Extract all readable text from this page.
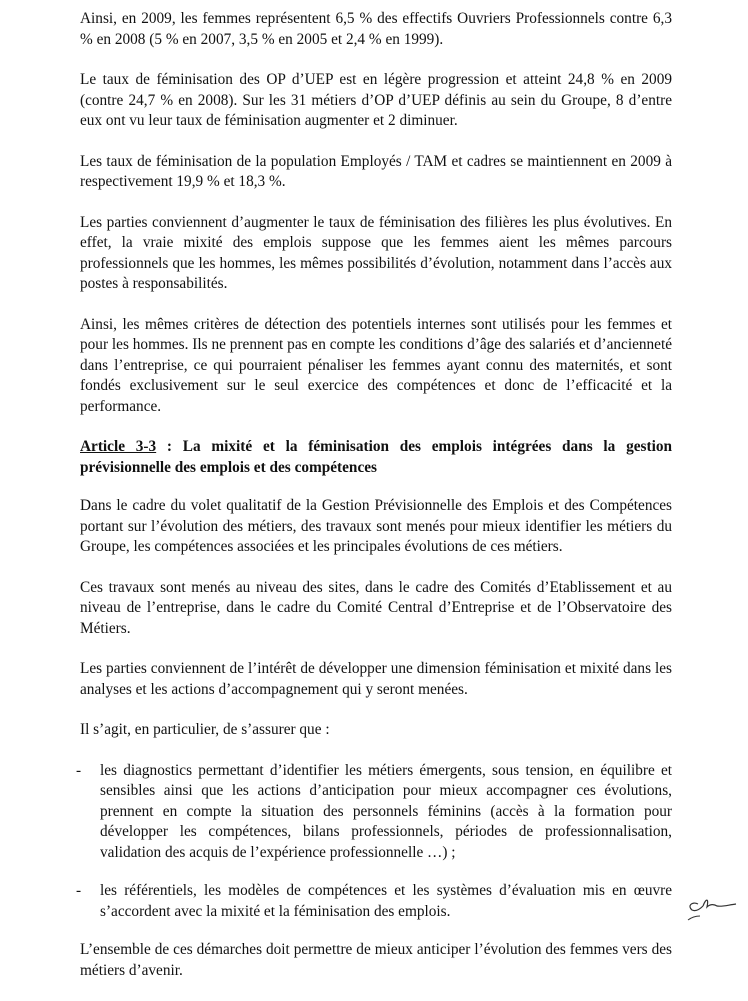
Ainsi, en 2009, les femmes représentent 6,5 % des effectifs Ouvriers Professionnels contre 6,3 % en 2008 (5 % en 2007, 3,5 % en 2005 et 2,4 % en 1999).

Le taux de féminisation des OP d’UEP est en légère progression et atteint 24,8 % en 2009 (contre 24,7 % en 2008). Sur les 31 métiers d’OP d’UEP définis au sein du Groupe, 8 d’entre eux ont vu leur taux de féminisation augmenter et 2 diminuer.

Les taux de féminisation de la population Employés / TAM et cadres se maintiennent en 2009 à respectivement 19,9 % et 18,3 %.

Les parties conviennent d’augmenter le taux de féminisation des filières les plus évolutives. En effet, la vraie mixité des emplois suppose que les femmes aient les mêmes parcours professionnels que les hommes, les mêmes possibilités d’évolution, notamment dans l’accès aux postes à responsabilités.

Ainsi, les mêmes critères de détection des potentiels internes sont utilisés pour les femmes et pour les hommes. Ils ne prennent pas en compte les conditions d’âge des salariés et d’ancienneté dans l’entreprise, ce qui pourraient pénaliser les femmes ayant connu des maternités, et sont fondés exclusivement sur le seul exercice des compétences et donc de l’efficacité et la performance.

Article 3-3 : La mixité et la féminisation des emplois intégrées dans la gestion prévisionnelle des emplois et des compétences

Dans le cadre du volet qualitatif de la Gestion Prévisionnelle des Emplois et des Compétences portant sur l’évolution des métiers, des travaux sont menés pour mieux identifier les métiers du Groupe, les compétences associées et les principales évolutions de ces métiers.

Ces travaux sont menés au niveau des sites, dans le cadre des Comités d’Etablissement et au niveau de l’entreprise, dans le cadre du Comité Central d’Entreprise et de l’Observatoire des Métiers.

Les parties conviennent de l’intérêt de développer une dimension féminisation et mixité dans les analyses et les actions d’accompagnement qui y seront menées.

Il s’agit, en particulier, de s’assurer que :

- les diagnostics permettant d’identifier les métiers émergents, sous tension, en équilibre et sensibles ainsi que les actions d’anticipation pour mieux accompagner ces évolutions, prennent en compte la situation des personnels féminins (accès à la formation pour développer les compétences, bilans professionnels, périodes de professionnalisation, validation des acquis de l’expérience professionnelle …) ;
- les référentiels, les modèles de compétences et les systèmes d’évaluation mis en œuvre s’accordent avec la mixité et la féminisation des emplois.

L’ensemble de ces démarches doit permettre de mieux anticiper l’évolution des femmes vers des métiers d’avenir.
